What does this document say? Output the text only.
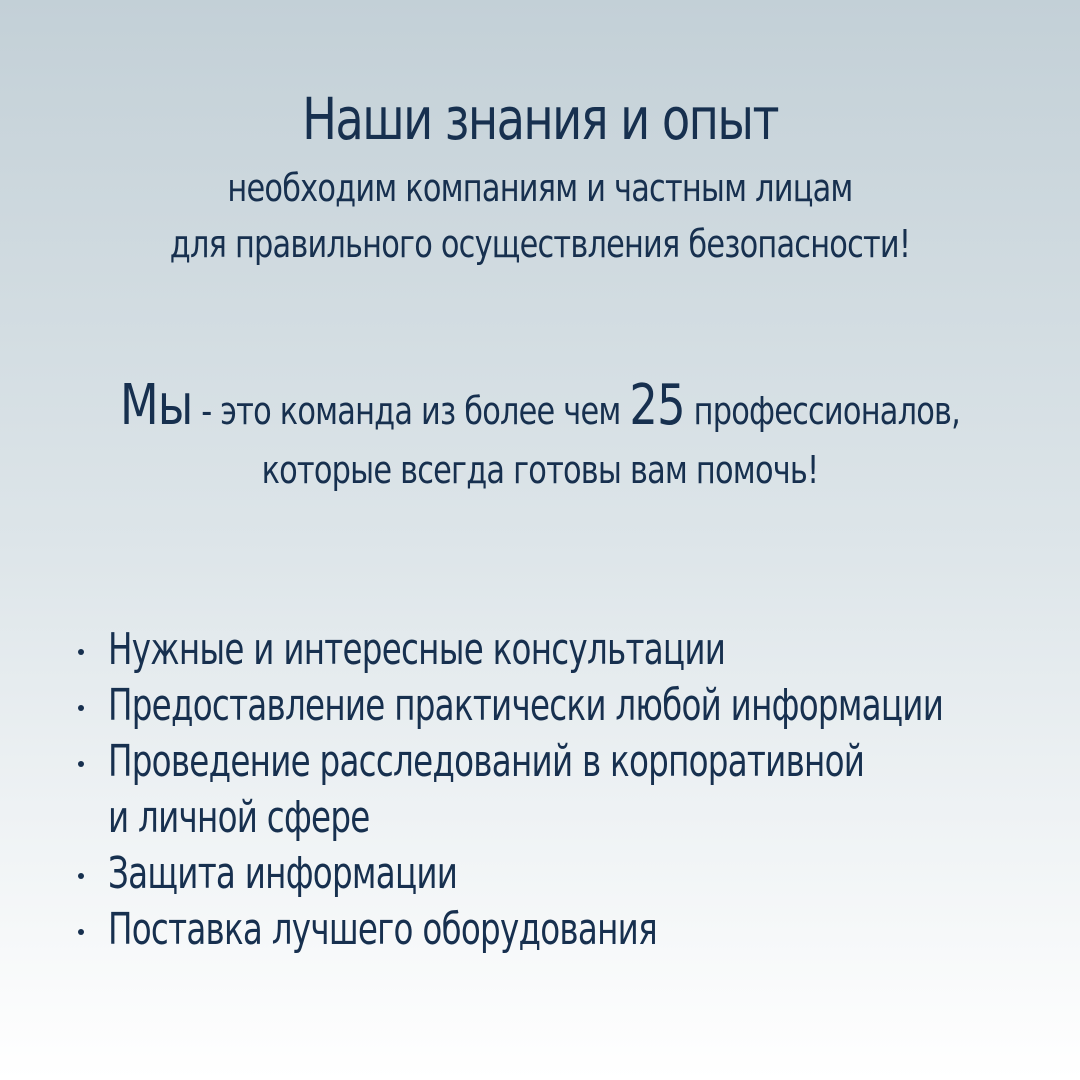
Наши знания и опыт
необходим компаниям и частным лицам
для правильного осуществления безопасности!
Мы - это команда из более чем 25 профессионалов,
которые всегда готовы вам помочь!
Нужные и интересные консультации
Предоставление практически любой информации
Проведение расследований в корпоративной
и личной сфере
Защита информации
Поставка лучшего оборудования
